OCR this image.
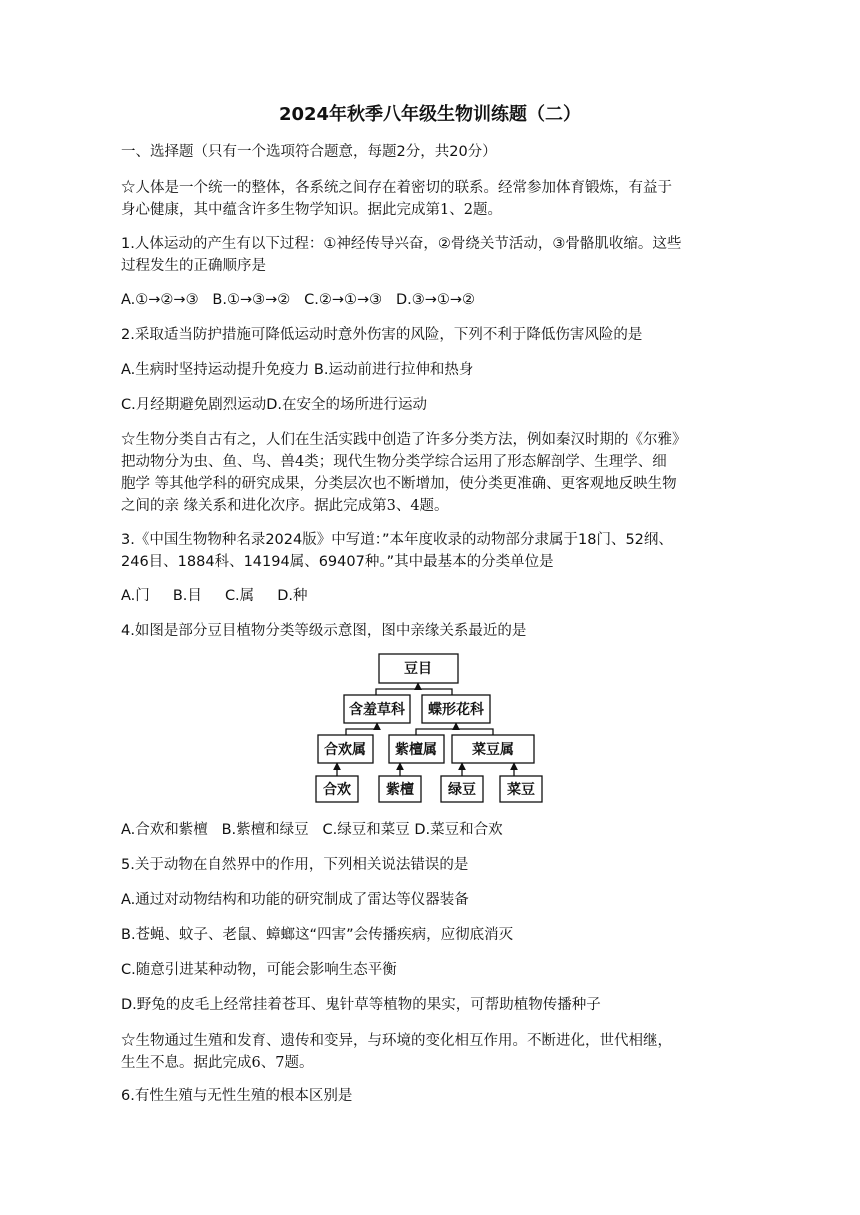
2024年秋季八年级生物训练题（二）
一、选择题（只有一个选项符合题意，每题2分，共20分）
☆人体是一个统一的整体，各系统之间存在着密切的联系。经常参加体育锻炼，有益于
身心健康，其中蕴含许多生物学知识。据此完成第1、2题。
1.人体运动的产生有以下过程：①神经传导兴奋，②骨绕关节活动，③骨骼肌收缩。这些
过程发生的正确顺序是
A.①→②→③ B.①→③→② C.②→①→③ D.③→①→②
2.采取适当防护措施可降低运动时意外伤害的风险，下列不利于降低伤害风险的是
A.生病时坚持运动提升免疫力 B.运动前进行拉伸和热身
C.月经期避免剧烈运动D.在安全的场所进行运动
☆生物分类自古有之，人们在生活实践中创造了许多分类方法，例如秦汉时期的《尔雅》
把动物分为虫、鱼、鸟、兽4类；现代生物分类学综合运用了形态解剖学、生理学、细
胞学 等其他学科的研究成果，分类层次也不断增加，使分类更准确、更客观地反映生物
之间的亲 缘关系和进化次序。据此完成第3、4题。
3.《中国生物物种名录2024版》中写道：”本年度收录的动物部分隶属于18门、52纲、
246目、1884科、14194属、69407种。”其中最基本的分类单位是
A.门 B.目 C.属 D.种
4.如图是部分豆目植物分类等级示意图，图中亲缘关系最近的是
豆目
含羞草科 蝶形花科
合欢属 紫檀属	菜豆属
合欢	紫檀 绿豆 菜豆
A.合欢和紫檀   B.紫檀和绿豆   C.绿豆和菜豆 D.菜豆和合欢
5.关于动物在自然界中的作用，下列相关说法错误的是
A.通过对动物结构和功能的研究制成了雷达等仪器装备
B.苍蝇、蚊子、老鼠、蟑螂这“四害”会传播疾病，应彻底消灭
C.随意引进某种动物，可能会影响生态平衡
D.野兔的皮毛上经常挂着苍耳、鬼针草等植物的果实，可帮助植物传播种子
☆生物通过生殖和发育、遗传和变异，与环境的变化相互作用。不断进化，世代相继，
生生不息。据此完成6、7题。
6.有性生殖与无性生殖的根本区别是
